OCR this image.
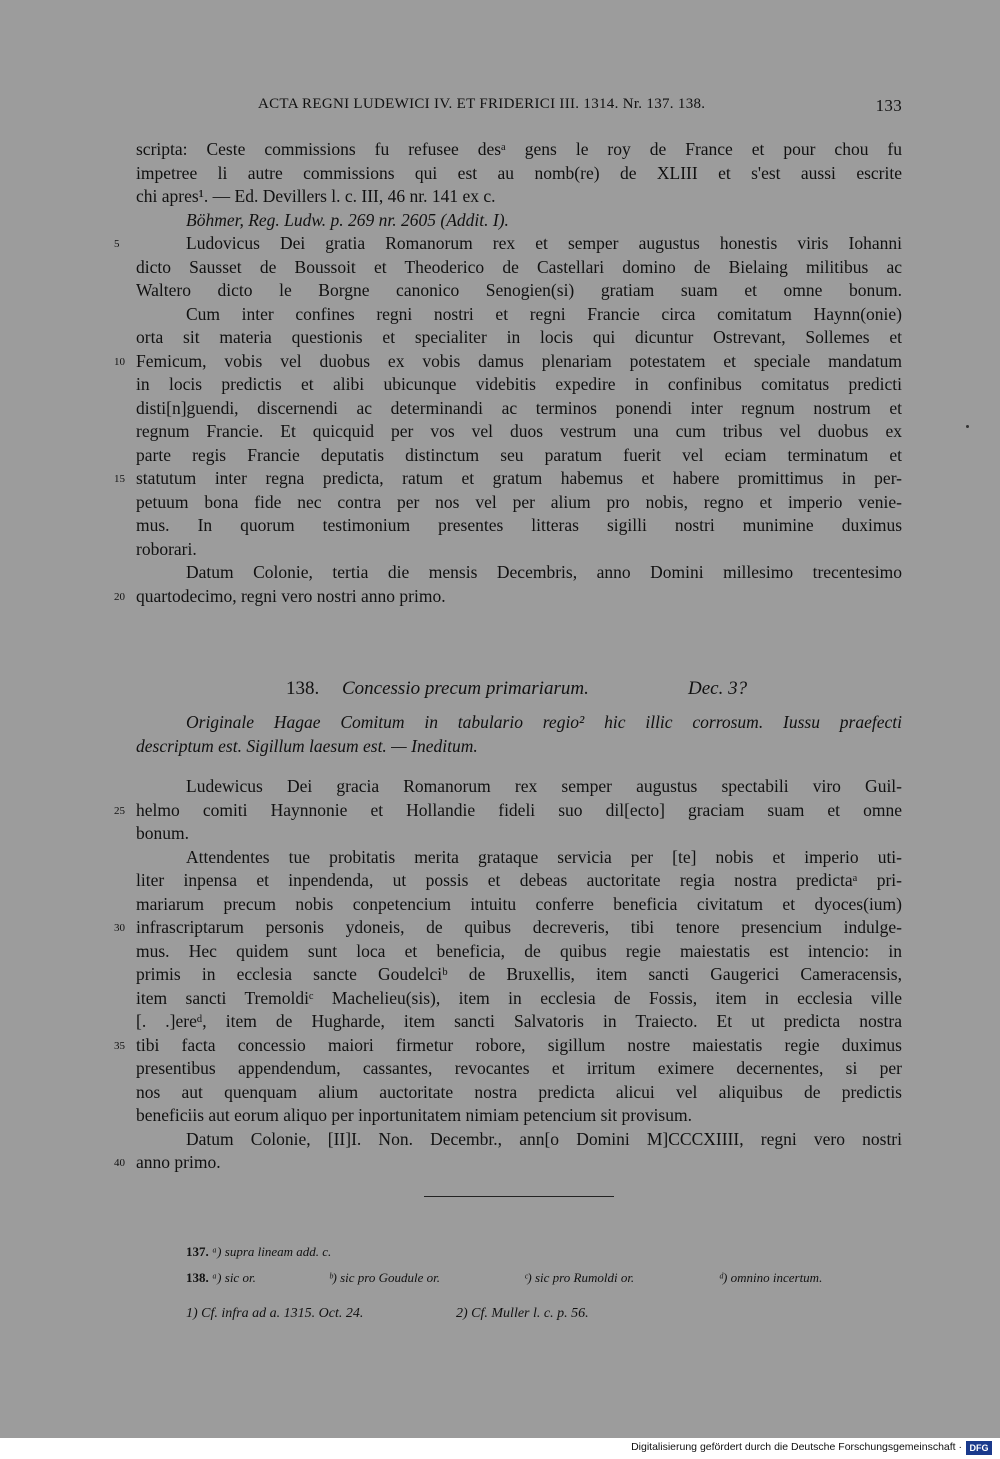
ACTA REGNI LUDEWICI IV. ET FRIDERICI III. 1314. Nr. 137. 138.	133
scripta: Ceste commissions fu refusee desᵃ gens le roy de France et pour chou fu
impetree li autre commissions qui est au nomb(re) de XLIII et s'est aussi escrite
chi apres¹. — Ed. Devillers l. c. III, 46 nr. 141 ex c.
Böhmer, Reg. Ludw. p. 269 nr. 2605 (Addit. I).
Ludovicus Dei gratia Romanorum rex et semper augustus honestis viris Iohanni
5
dicto Sausset de Boussoit et Theoderico de Castellari domino de Bielaing militibus ac
Waltero dicto le Borgne canonico Senogien(si) gratiam suam et omne bonum.
Cum inter confines regni nostri et regni Francie circa comitatum Haynn(onie)
orta sit materia questionis et specialiter in locis qui dicuntur Ostrevant, Sollemes et
Femicum, vobis vel duobus ex vobis damus plenariam potestatem et speciale mandatum
10
in locis predictis et alibi ubicunque videbitis expedire in confinibus comitatus predicti
disti[n]guendi, discernendi ac determinandi ac terminos ponendi inter regnum nostrum et
regnum Francie. Et quicquid per vos vel duos vestrum una cum tribus vel duobus ex
parte regis Francie deputatis distinctum seu paratum fuerit vel eciam terminatum et
statutum inter regna predicta, ratum et gratum habemus et habere promittimus in per-
15
petuum bona fide nec contra per nos vel per alium pro nobis, regno et imperio venie-
mus. In quorum testimonium presentes litteras sigilli nostri munimine duximus
roborari.
Datum Colonie, tertia die mensis Decembris, anno Domini millesimo trecentesimo
quartodecimo, regni vero nostri anno primo.
20
138. Concessio precum primariarum.	Dec. 3?
Originale Hagae Comitum in tabulario regio² hic illic corrosum. Iussu praefecti
descriptum est. Sigillum laesum est. — Ineditum.
Ludewicus Dei gracia Romanorum rex semper augustus spectabili viro Guil-
helmo comiti Haynnonie et Hollandie fideli suo dil[ecto] graciam suam et omne
25
bonum.
Attendentes tue probitatis merita grataque servicia per [te] nobis et imperio uti-
liter inpensa et inpendenda, ut possis et debeas auctoritate regia nostra predictaᵃ pri-
mariarum precum nobis conpetencium intuitu conferre beneficia civitatum et dyoces(ium)
infrascriptarum personis ydoneis, de quibus decreveris, tibi tenore presencium indulge-
30
mus. Hec quidem sunt loca et beneficia, de quibus regie maiestatis est intencio: in
primis in ecclesia sancte Goudelciᵇ de Bruxellis, item sancti Gaugerici Cameracensis,
item sancti Tremoldiᶜ Machelieu(sis), item in ecclesia de Fossis, item in ecclesia ville
[. .]ereᵈ, item de Hugharde, item sancti Salvatoris in Traiecto. Et ut predicta nostra
tibi facta concessio maiori firmetur robore, sigillum nostre maiestatis regie duximus
35
presentibus appendendum, cassantes, revocantes et irritum eximere decernentes, si per
nos aut quenquam alium auctoritate nostra predicta alicui vel aliquibus de predictis
beneficiis aut eorum aliquo per inportunitatem nimiam petencium sit provisum.
Datum Colonie, [II]I. Non. Decembr., ann[o Domini M]CCCXIIII, regni vero nostri
anno primo.
40
137. ᵃ) supra lineam add. c.
138. ᵃ) sic or.	ᵇ) sic pro Goudule or.	ᶜ) sic pro Rumoldi or.	ᵈ) omnino incertum.
1) Cf. infra ad a. 1315. Oct. 24.	2) Cf. Muller l. c. p. 56.
Digitalisierung gefördert durch die Deutsche Forschungsgemeinschaft · DFG
